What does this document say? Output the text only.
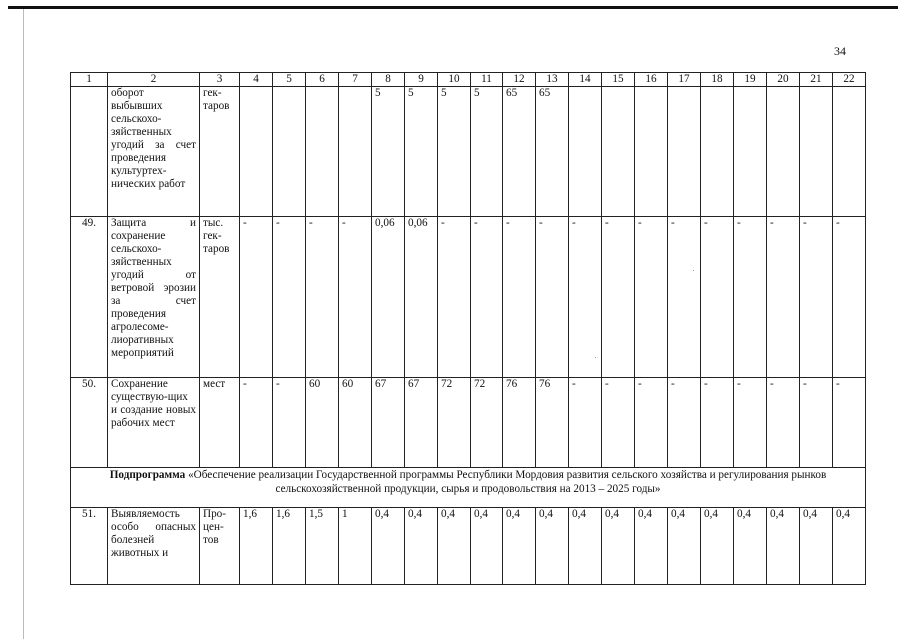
34
1	2	3	4	5	6	7	8	9	10	11	12	13	14	15	16	17	18	19	20	21	22
	оборот выбывших сельскохо-зяйственных угодий за счет проведения культуртех-нических работ	гек-таров					5	5	5	5	65	65									
49.	Защита и сохранение сельскохо-зяйственных угодий от ветровой эрозии за счет проведения агролесоме-лиоративных мероприятий	тыс. гек-таров	-	-	-	-	0,06	0,06	-	-	-	-	-	-	-	-	-	-	-	-	-
50.	Сохранение существую-щих и создание новых рабочих мест	мест	-	-	60	60	67	67	72	72	76	76	-	-	-	-	-	-	-	-	-
Подпрограмма «Обеспечение реализации Государственной программы Республики Мордовия развития сельского хозяйства и регулирования рынков сельскохозяйственной продукции, сырья и продовольствия на 2013 – 2025 годы»																					
51.	Выявляемость особо опасных болезней животных и	Про-цен-тов	1,6	1,6	1,5	1	0,4	0,4	0,4	0,4	0,4	0,4	0,4	0,4	0,4	0,4	0,4	0,4	0,4	0,4	0,4
